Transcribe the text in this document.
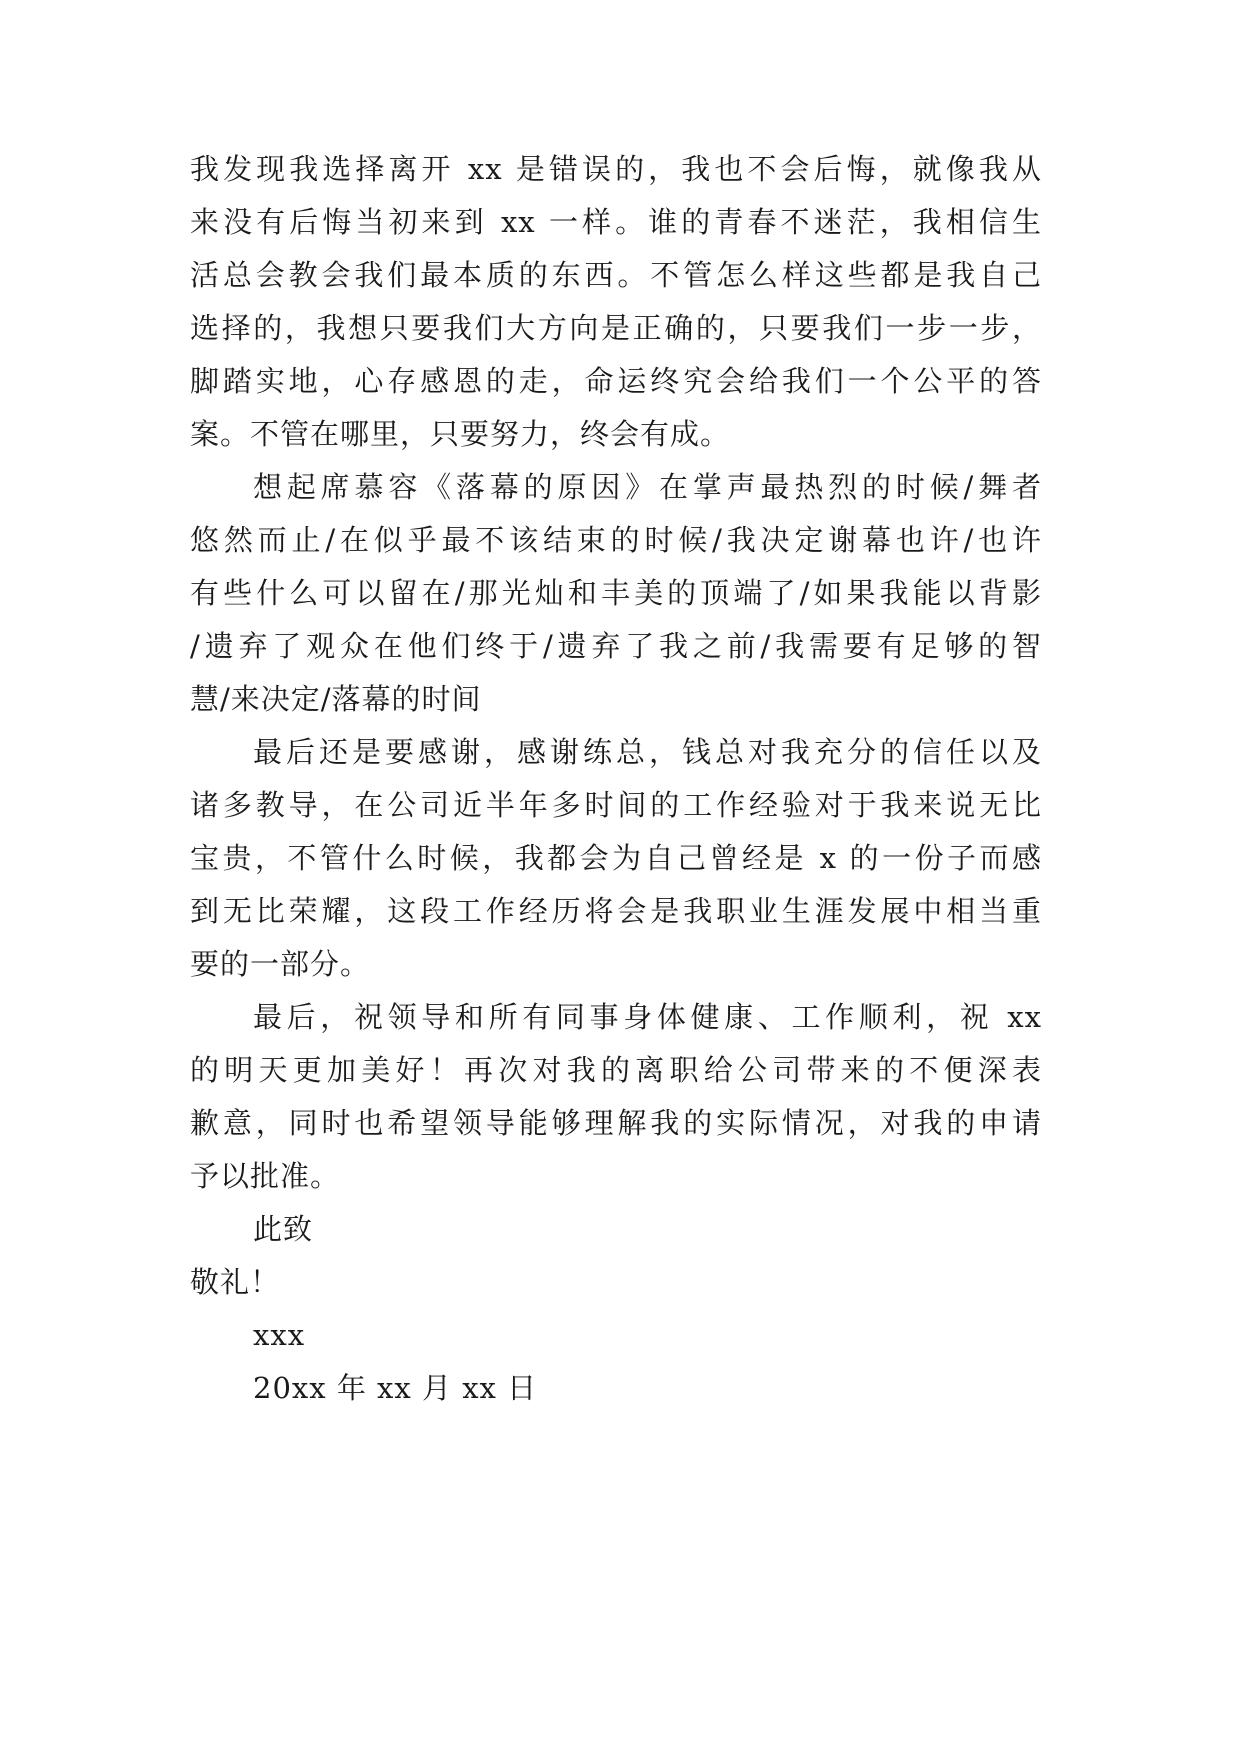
我发现我选择离开 xx 是错误的，我也不会后悔，就像我从
来没有后悔当初来到 xx 一样。谁的青春不迷茫，我相信生
活总会教会我们最本质的东西。不管怎么样这些都是我自己
选择的，我想只要我们大方向是正确的，只要我们一步一步，
脚踏实地，心存感恩的走，命运终究会给我们一个公平的答
案。不管在哪里，只要努力，终会有成。
想起席慕容《落幕的原因》在掌声最热烈的时候/舞者
悠然而止/在似乎最不该结束的时候/我决定谢幕也许/也许
有些什么可以留在/那光灿和丰美的顶端了/如果我能以背影
/遗弃了观众在他们终于/遗弃了我之前/我需要有足够的智
慧/来决定/落幕的时间
最后还是要感谢，感谢练总，钱总对我充分的信任以及
诸多教导，在公司近半年多时间的工作经验对于我来说无比
宝贵，不管什么时候，我都会为自己曾经是 x 的一份子而感
到无比荣耀，这段工作经历将会是我职业生涯发展中相当重
要的一部分。
最后，祝领导和所有同事身体健康、工作顺利，祝 xx
的明天更加美好！再次对我的离职给公司带来的不便深表
歉意，同时也希望领导能够理解我的实际情况，对我的申请
予以批准。
此致
敬礼！
xxx
20xx 年 xx 月 xx 日
